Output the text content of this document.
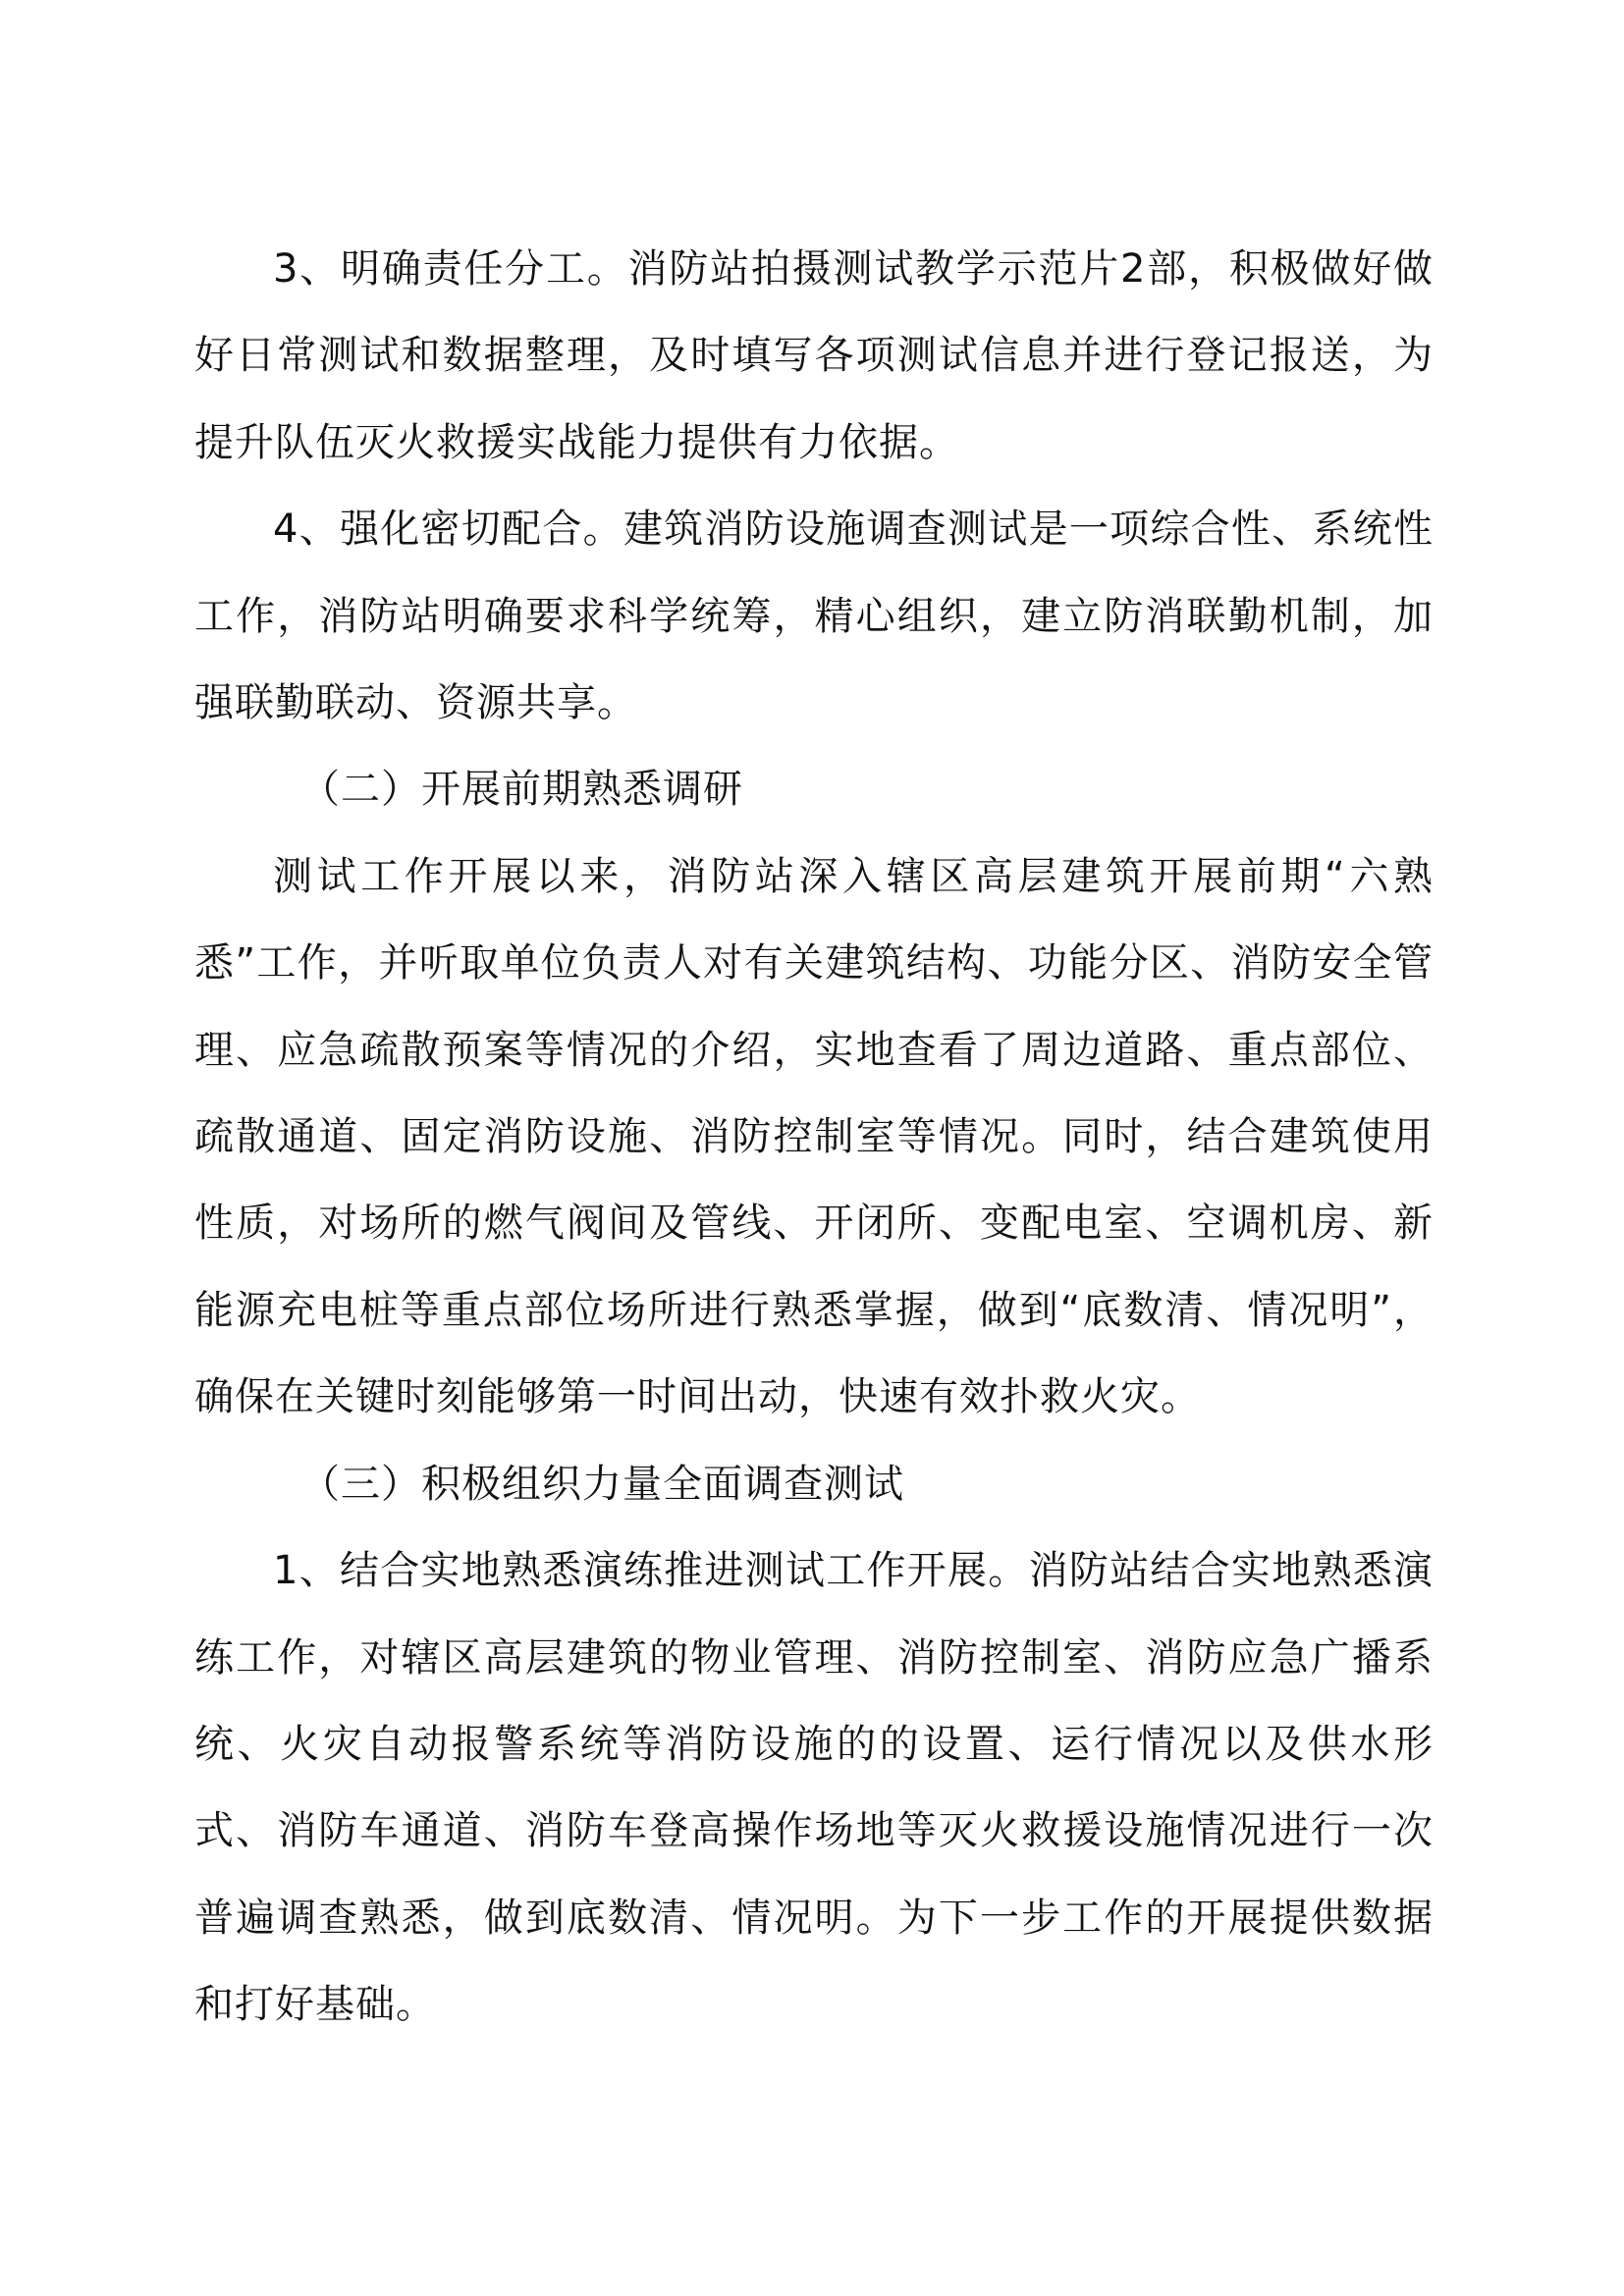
3、明确责任分工。消防站拍摄测试教学示范片2部，积极做好做好日常测试和数据整理，及时填写各项测试信息并进行登记报送，为提升队伍灭火救援实战能力提供有力依据。

4、强化密切配合。建筑消防设施调查测试是一项综合性、系统性工作，消防站明确要求科学统筹，精心组织，建立防消联勤机制，加强联勤联动、资源共享。

（二）开展前期熟悉调研

测试工作开展以来，消防站深入辖区高层建筑开展前期“六熟悉”工作，并听取单位负责人对有关建筑结构、功能分区、消防安全管理、应急疏散预案等情况的介绍，实地查看了周边道路、重点部位、疏散通道、固定消防设施、消防控制室等情况。同时，结合建筑使用性质，对场所的燃气阀间及管线、开闭所、变配电室、空调机房、新能源充电桩等重点部位场所进行熟悉掌握，做到“底数清、情况明”，确保在关键时刻能够第一时间出动，快速有效扑救火灾。

（三）积极组织力量全面调查测试

1、结合实地熟悉演练推进测试工作开展。消防站结合实地熟悉演练工作，对辖区高层建筑的物业管理、消防控制室、消防应急广播系统、火灾自动报警系统等消防设施的的设置、运行情况以及供水形式、消防车通道、消防车登高操作场地等灭火救援设施情况进行一次普遍调查熟悉，做到底数清、情况明。为下一步工作的开展提供数据和打好基础。
